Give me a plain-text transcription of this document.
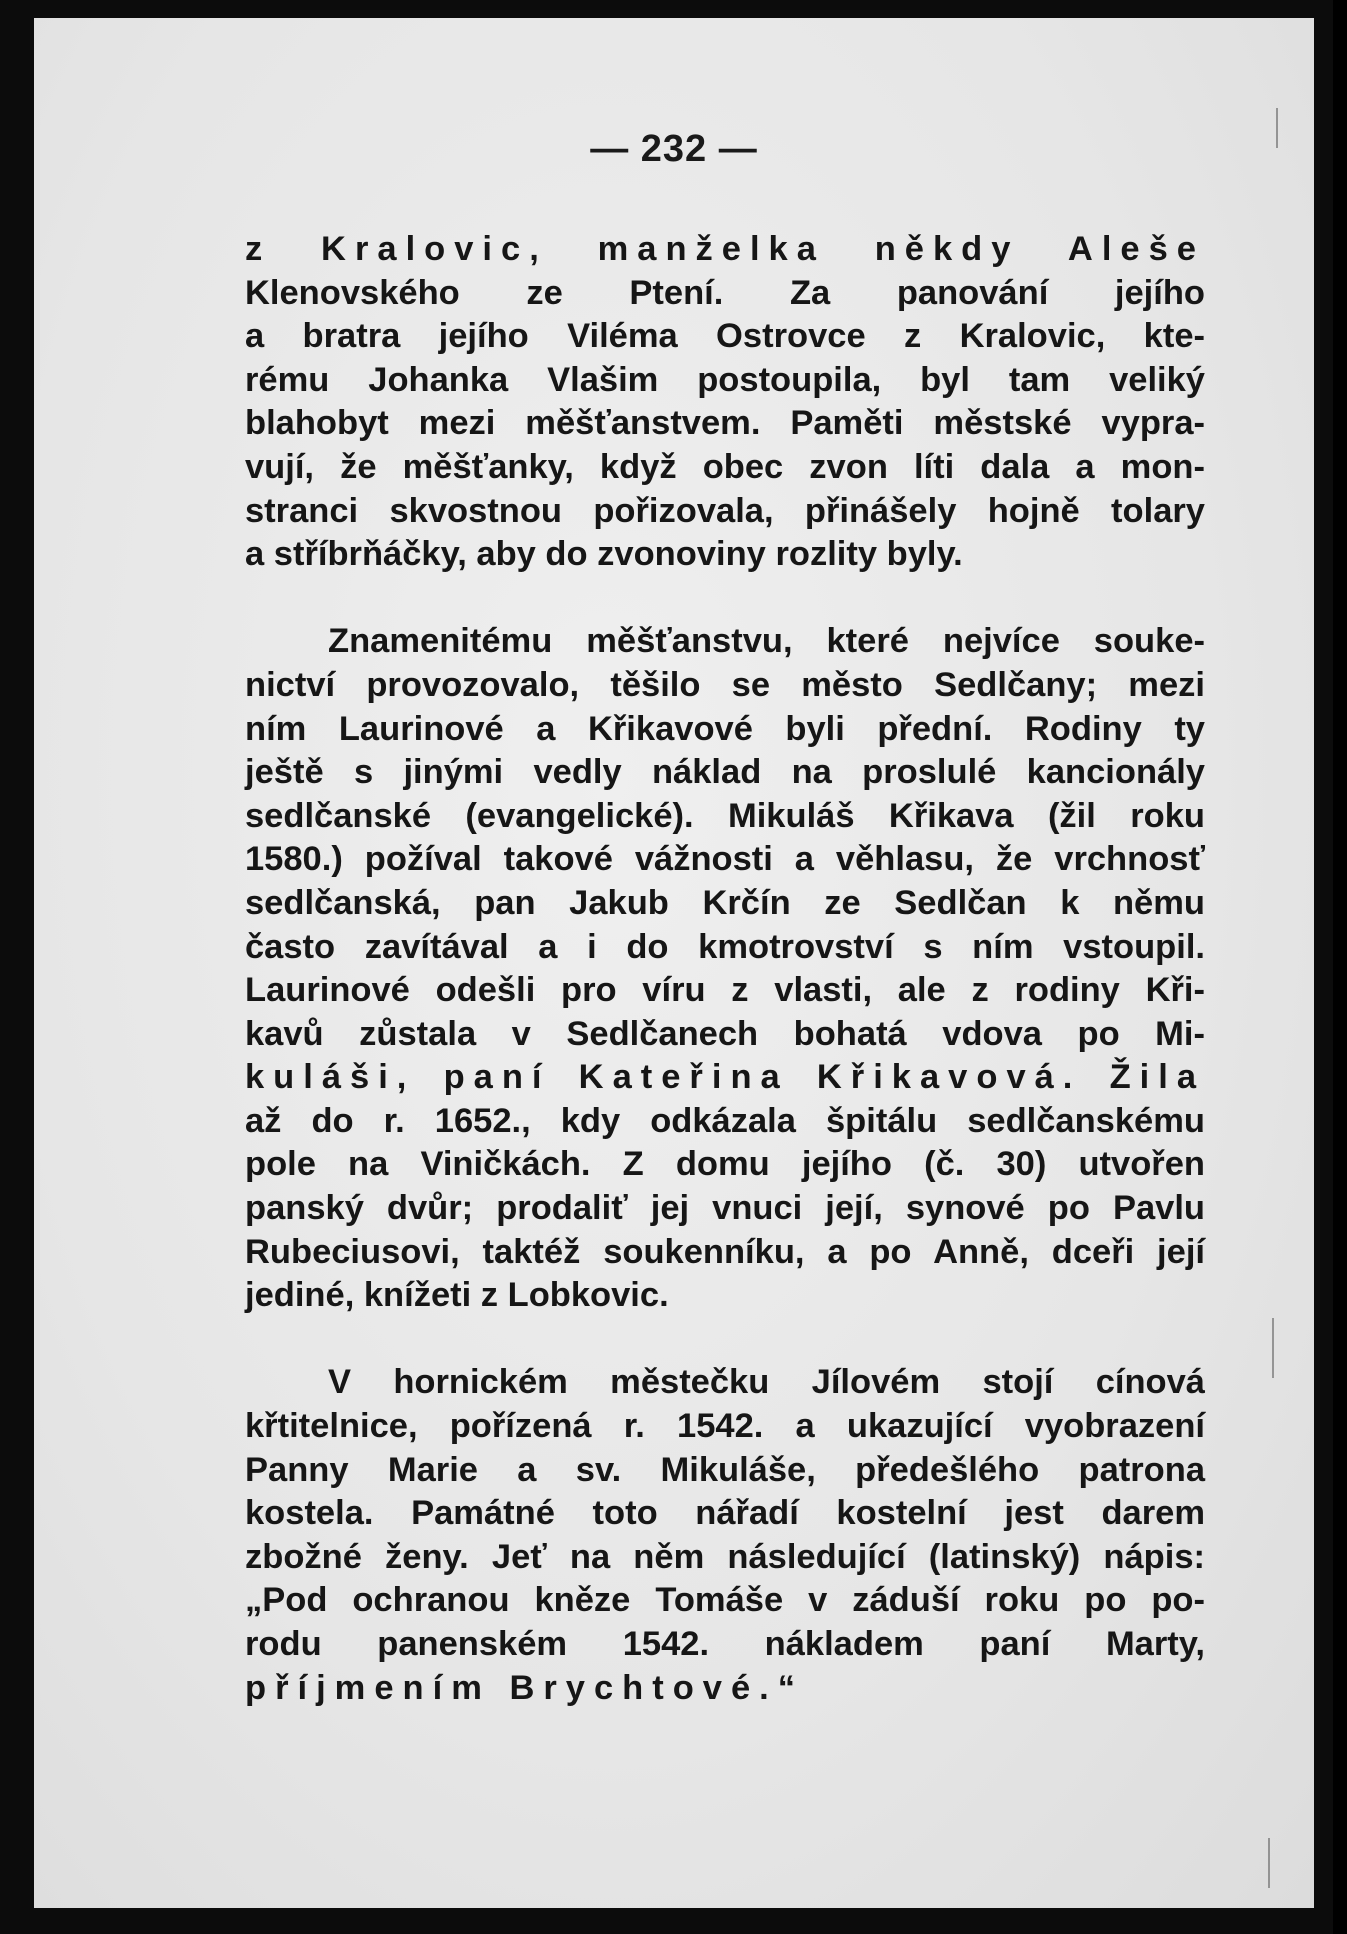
— 232 —
z Kralovic, manželka někdy Aleše
Klenovského ze Ptení. Za panování jejího
a bratra jejího Viléma Ostrovce z Kralovic, kte-
rému Johanka Vlašim postoupila, byl tam veliký
blahobyt mezi měšťanstvem. Paměti městské vypra-
vují, že měšťanky, když obec zvon líti dala a mon-
stranci skvostnou pořizovala, přinášely hojně tolary
a stříbrňáčky, aby do zvonoviny rozlity byly.
Znamenitému měšťanstvu, které nejvíce souke-
nictví provozovalo, těšilo se město Sedlčany; mezi
ním Laurinové a Křikavové byli přední. Rodiny ty
ještě s jinými vedly náklad na proslulé kancionály
sedlčanské (evangelické). Mikuláš Křikava (žil roku
1580.) požíval takové vážnosti a věhlasu, že vrchnosť
sedlčanská, pan Jakub Krčín ze Sedlčan k němu
často zavítával a i do kmotrovství s ním vstoupil.
Laurinové odešli pro víru z vlasti, ale z rodiny Kři-
kavů zůstala v Sedlčanech bohatá vdova po Mi-
kuláši, paní Kateřina Křikavová. Žila
až do r. 1652., kdy odkázala špitálu sedlčanskému
pole na Viničkách. Z domu jejího (č. 30) utvořen
panský dvůr; prodaliť jej vnuci její, synové po Pavlu
Rubeciusovi, taktéž soukenníku, a po Anně, dceři její
jediné, knížeti z Lobkovic.
V hornickém městečku Jílovém stojí cínová
křtitelnice, pořízená r. 1542. a ukazující vyobrazení
Panny Marie a sv. Mikuláše, předešlého patrona
kostela. Památné toto nářadí kostelní jest darem
zbožné ženy. Jeť na něm následující (latinský) nápis:
„Pod ochranou kněze Tomáše v záduší roku po po-
rodu panenském 1542. nákladem paní Marty,
příjmením Brychtové.“
